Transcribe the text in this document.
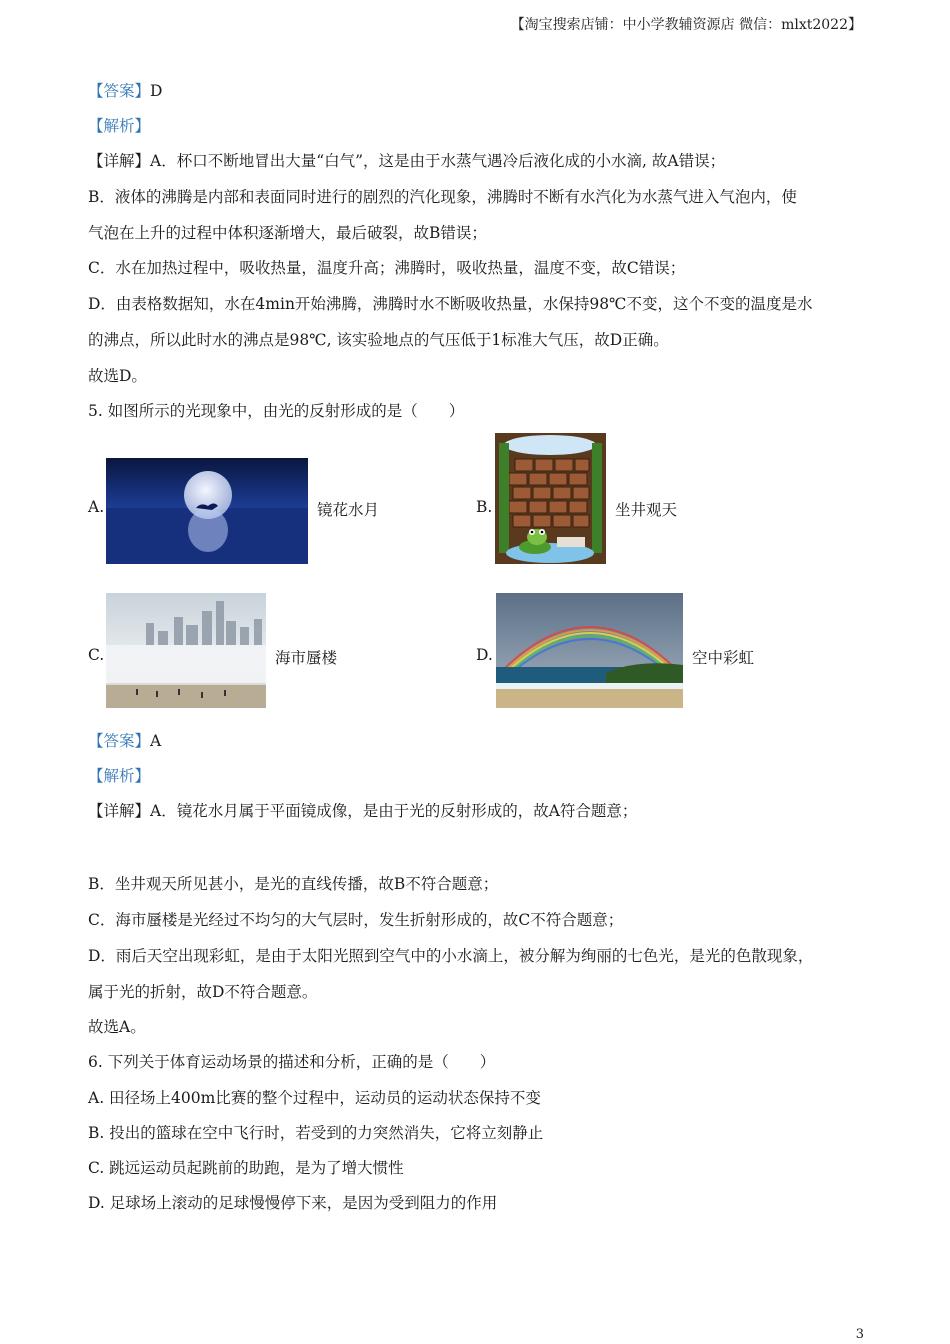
【淘宝搜索店铺：中小学教辅资源店 微信：mlxt2022】
【答案】D
【解析】
【详解】A．杯口不断地冒出大量“白气”，这是由于水蒸气遇冷后液化成的小水滴, 故A错误；
B．液体的沸腾是内部和表面同时进行的剧烈的汽化现象，沸腾时不断有水汽化为水蒸气进入气泡内，使
气泡在上升的过程中体积逐渐增大，最后破裂，故B错误；
C．水在加热过程中，吸收热量，温度升高；沸腾时，吸收热量，温度不变，故C错误；
D．由表格数据知，水在4min开始沸腾，沸腾时水不断吸收热量，水保持98℃不变，这个不变的温度是水
的沸点，所以此时水的沸点是98℃, 该实验地点的气压低于1标准大气压，故D正确。
故选D。
5. 如图所示的光现象中，由光的反射形成的是（　　）
A.	镜花水月	B.	坐井观天
C.	海市蜃楼	D.	空中彩虹
【答案】A
【解析】
【详解】A．镜花水月属于平面镜成像，是由于光的反射形成的，故A符合题意；
B．坐井观天所见甚小，是光的直线传播，故B不符合题意；
C．海市蜃楼是光经过不均匀的大气层时，发生折射形成的，故C不符合题意；
D．雨后天空出现彩虹，是由于太阳光照到空气中的小水滴上，被分解为绚丽的七色光，是光的色散现象，
属于光的折射，故D不符合题意。
故选A。
6. 下列关于体育运动场景的描述和分析，正确的是（　　）
A. 田径场上400m比赛的整个过程中，运动员的运动状态保持不变
B. 投出的篮球在空中飞行时，若受到的力突然消失，它将立刻静止
C. 跳远运动员起跳前的助跑，是为了增大惯性
D. 足球场上滚动的足球慢慢停下来，是因为受到阻力的作用
3
